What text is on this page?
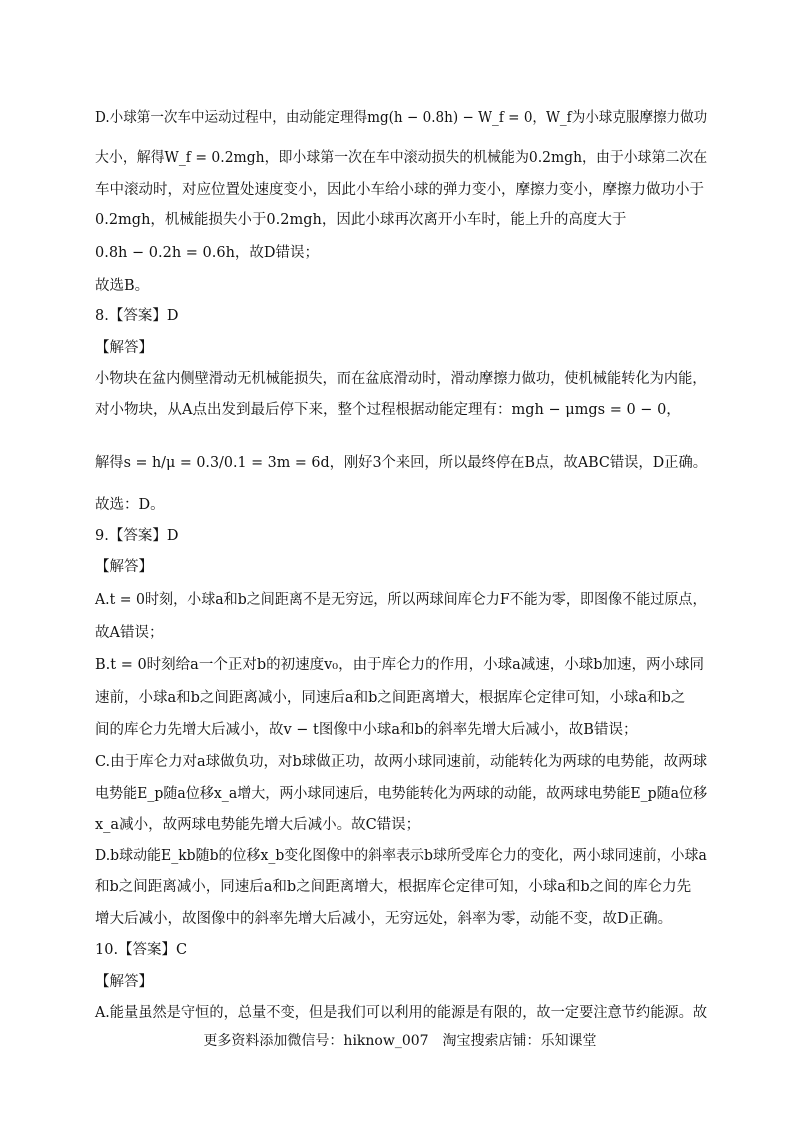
D.小球第一次车中运动过程中，由动能定理得mg(h − 0.8h) − W_f = 0，W_f为小球克服摩擦力做功
大小，解得W_f = 0.2mgh，即小球第一次在车中滚动损失的机械能为0.2mgh，由于小球第二次在
车中滚动时，对应位置处速度变小，因此小车给小球的弹力变小，摩擦力变小，摩擦力做功小于
0.2mgh，机械能损失小于0.2mgh，因此小球再次离开小车时，能上升的高度大于
0.8h − 0.2h = 0.6h，故D错误；
故选B。
8.【答案】D
【解答】
小物块在盆内侧壁滑动无机械能损失，而在盆底滑动时，滑动摩擦力做功，使机械能转化为内能，
对小物块，从A点出发到最后停下来，整个过程根据动能定理有：mgh − μmgs = 0 − 0，
解得s = h/μ = 0.3/0.1 = 3m = 6d，刚好3个来回，所以最终停在B点，故ABC错误，D正确。
故选：D。
9.【答案】D
【解答】
A.t = 0时刻，小球a和b之间距离不是无穷远，所以两球间库仑力F不能为零，即图像不能过原点，
故A错误；
B.t = 0时刻给a一个正对b的初速度v₀，由于库仑力的作用，小球a减速，小球b加速，两小球同
速前，小球a和b之间距离减小，同速后a和b之间距离增大，根据库仑定律可知，小球a和b之
间的库仑力先增大后减小，故v − t图像中小球a和b的斜率先增大后减小，故B错误；
C.由于库仑力对a球做负功，对b球做正功，故两小球同速前，动能转化为两球的电势能，故两球
电势能E_p随a位移x_a增大，两小球同速后，电势能转化为两球的动能，故两球电势能E_p随a位移
x_a减小，故两球电势能先增大后减小。故C错误；
D.b球动能E_kb随b的位移x_b变化图像中的斜率表示b球所受库仑力的变化，两小球同速前，小球a
和b之间距离减小，同速后a和b之间距离增大，根据库仑定律可知，小球a和b之间的库仑力先
增大后减小，故图像中的斜率先增大后减小，无穷远处，斜率为零，动能不变，故D正确。
10.【答案】C
【解答】
A.能量虽然是守恒的，总量不变，但是我们可以利用的能源是有限的，故一定要注意节约能源。故
更多资料添加微信号：hiknow_007　淘宝搜索店铺：乐知课堂
